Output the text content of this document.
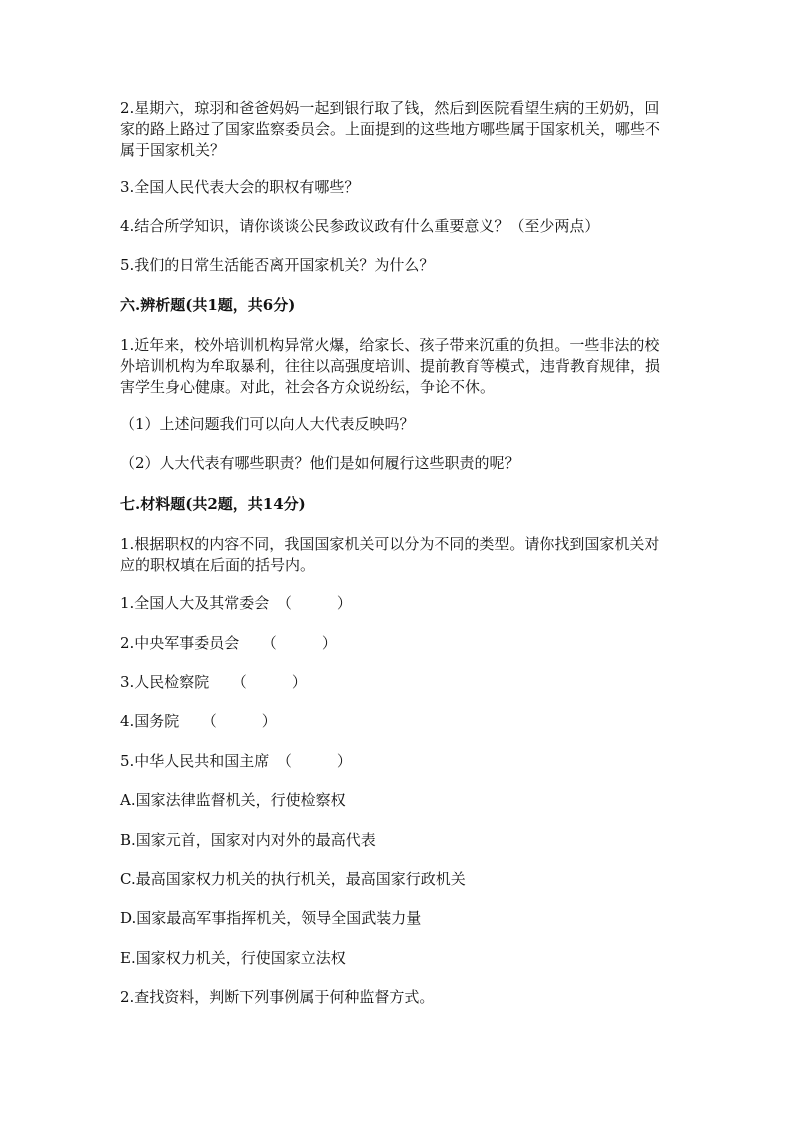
2.星期六，琼羽和爸爸妈妈一起到银行取了钱，然后到医院看望生病的王奶奶，回家的路上路过了国家监察委员会。上面提到的这些地方哪些属于国家机关，哪些不属于国家机关？

3.全国人民代表大会的职权有哪些？

4.结合所学知识，请你谈谈公民参政议政有什么重要意义？（至少两点）

5.我们的日常生活能否离开国家机关？为什么？

六.辨析题(共1题，共6分)

1.近年来，校外培训机构异常火爆，给家长、孩子带来沉重的负担。一些非法的校外培训机构为牟取暴利，往往以高强度培训、提前教育等模式，违背教育规律，损害学生身心健康。对此，社会各方众说纷纭，争论不休。

（1）上述问题我们可以向人大代表反映吗？

（2）人大代表有哪些职责？他们是如何履行这些职责的呢？

七.材料题(共2题，共14分)

1.根据职权的内容不同，我国国家机关可以分为不同的类型。请你找到国家机关对应的职权填在后面的括号内。

1.全国人大及其常委会　（　　　）

2.中央军事委员会　　（　　　）

3.人民检察院　　（　　　）

4.国务院　　（　　　）

5.中华人民共和国主席　（　　　）

A.国家法律监督机关，行使检察权

B.国家元首，国家对内对外的最高代表

C.最高国家权力机关的执行机关，最高国家行政机关

D.国家最高军事指挥机关，领导全国武装力量

E.国家权力机关，行使国家立法权

2.查找资料，判断下列事例属于何种监督方式。
